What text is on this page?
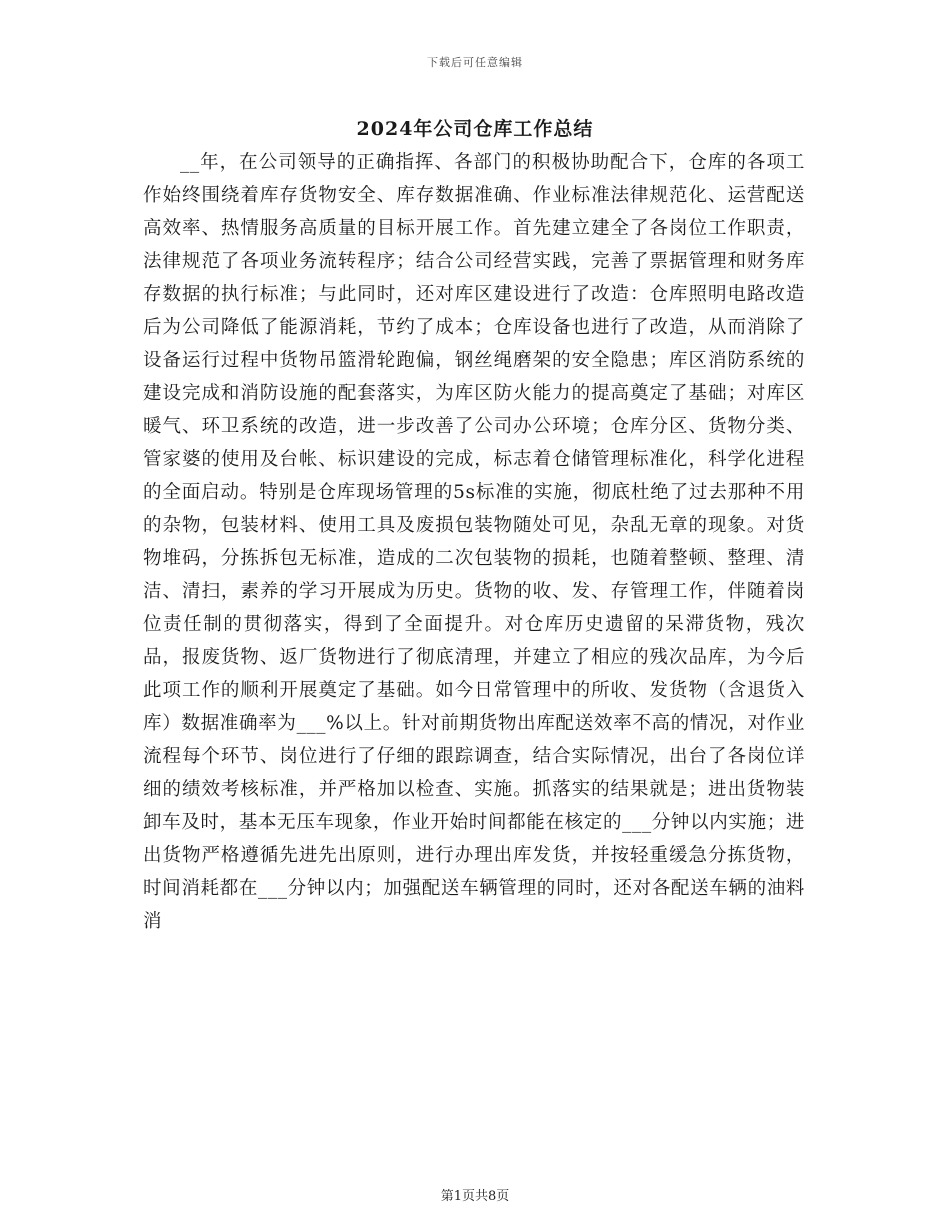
下载后可任意编辑
2024年公司仓库工作总结

__年，在公司领导的正确指挥、各部门的积极协助配合下，仓库的各项工作始终围绕着库存货物安全、库存数据准确、作业标准法律规范化、运营配送高效率、热情服务高质量的目标开展工作。首先建立建全了各岗位工作职责，法律规范了各项业务流转程序；结合公司经营实践，完善了票据管理和财务库存数据的执行标准；与此同时，还对库区建设进行了改造：仓库照明电路改造后为公司降低了能源消耗，节约了成本；仓库设备也进行了改造，从而消除了设备运行过程中货物吊篮滑轮跑偏，钢丝绳磨架的安全隐患；库区消防系统的建设完成和消防设施的配套落实，为库区防火能力的提高奠定了基础；对库区暖气、环卫系统的改造，进一步改善了公司办公环境；仓库分区、货物分类、管家婆的使用及台帐、标识建设的完成，标志着仓储管理标准化，科学化进程的全面启动。特别是仓库现场管理的5s标准的实施，彻底杜绝了过去那种不用的杂物，包装材料、使用工具及废损包装物随处可见，杂乱无章的现象。对货物堆码，分拣拆包无标准，造成的二次包装物的损耗，也随着整顿、整理、清洁、清扫，素养的学习开展成为历史。货物的收、发、存管理工作，伴随着岗位责任制的贯彻落实，得到了全面提升。对仓库历史遗留的呆滞货物，残次品，报废货物、返厂货物进行了彻底清理，并建立了相应的残次品库，为今后此项工作的顺利开展奠定了基础。如今日常管理中的所收、发货物（含退货入库）数据准确率为___%以上。针对前期货物出库配送效率不高的情况，对作业流程每个环节、岗位进行了仔细的跟踪调查，结合实际情况，出台了各岗位详细的绩效考核标准，并严格加以检查、实施。抓落实的结果就是；进出货物装卸车及时，基本无压车现象，作业开始时间都能在核定的___分钟以内实施；进出货物严格遵循先进先出原则，进行办理出库发货，并按轻重缓急分拣货物，时间消耗都在___分钟以内；加强配送车辆管理的同时，还对各配送车辆的油料消

第1页共8页
